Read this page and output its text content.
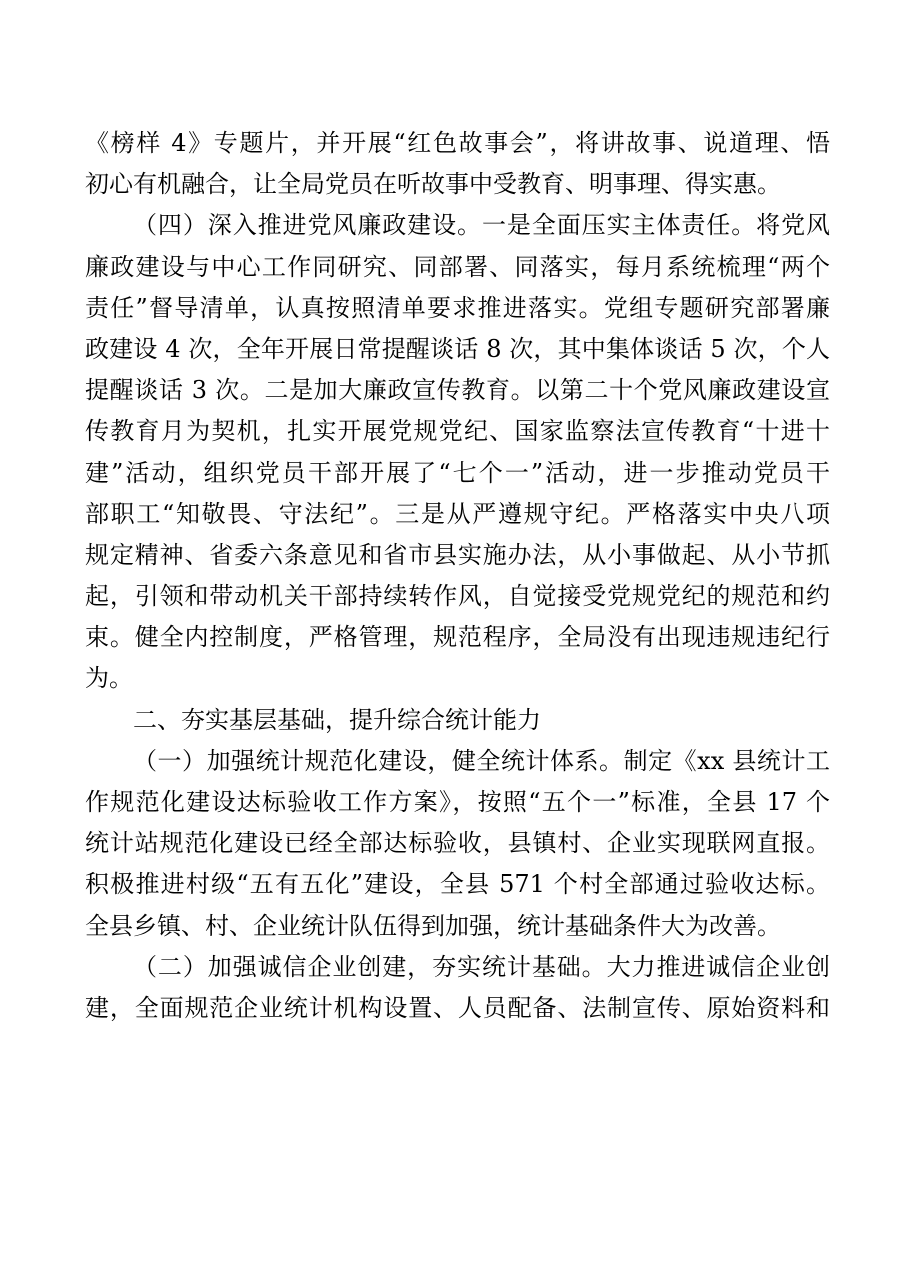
《榜样 4》专题片，并开展“红色故事会”，将讲故事、说道理、悟
初心有机融合，让全局党员在听故事中受教育、明事理、得实惠。
（四）深入推进党风廉政建设。一是全面压实主体责任。将党风
廉政建设与中心工作同研究、同部署、同落实，每月系统梳理“两个
责任”督导清单，认真按照清单要求推进落实。党组专题研究部署廉
政建设 4 次，全年开展日常提醒谈话 8 次，其中集体谈话 5 次，个人
提醒谈话 3 次。二是加大廉政宣传教育。以第二十个党风廉政建设宣
传教育月为契机，扎实开展党规党纪、国家监察法宣传教育“十进十
建”活动，组织党员干部开展了“七个一”活动，进一步推动党员干
部职工“知敬畏、守法纪”。三是从严遵规守纪。严格落实中央八项
规定精神、省委六条意见和省市县实施办法，从小事做起、从小节抓
起，引领和带动机关干部持续转作风，自觉接受党规党纪的规范和约
束。健全内控制度，严格管理，规范程序，全局没有出现违规违纪行
为。
二、夯实基层基础，提升综合统计能力
（一）加强统计规范化建设，健全统计体系。制定《xx 县统计工
作规范化建设达标验收工作方案》，按照“五个一”标准，全县 17 个
统计站规范化建设已经全部达标验收，县镇村、企业实现联网直报。
积极推进村级“五有五化”建设，全县 571 个村全部通过验收达标。
全县乡镇、村、企业统计队伍得到加强，统计基础条件大为改善。
（二）加强诚信企业创建，夯实统计基础。大力推进诚信企业创
建，全面规范企业统计机构设置、人员配备、法制宣传、原始资料和
